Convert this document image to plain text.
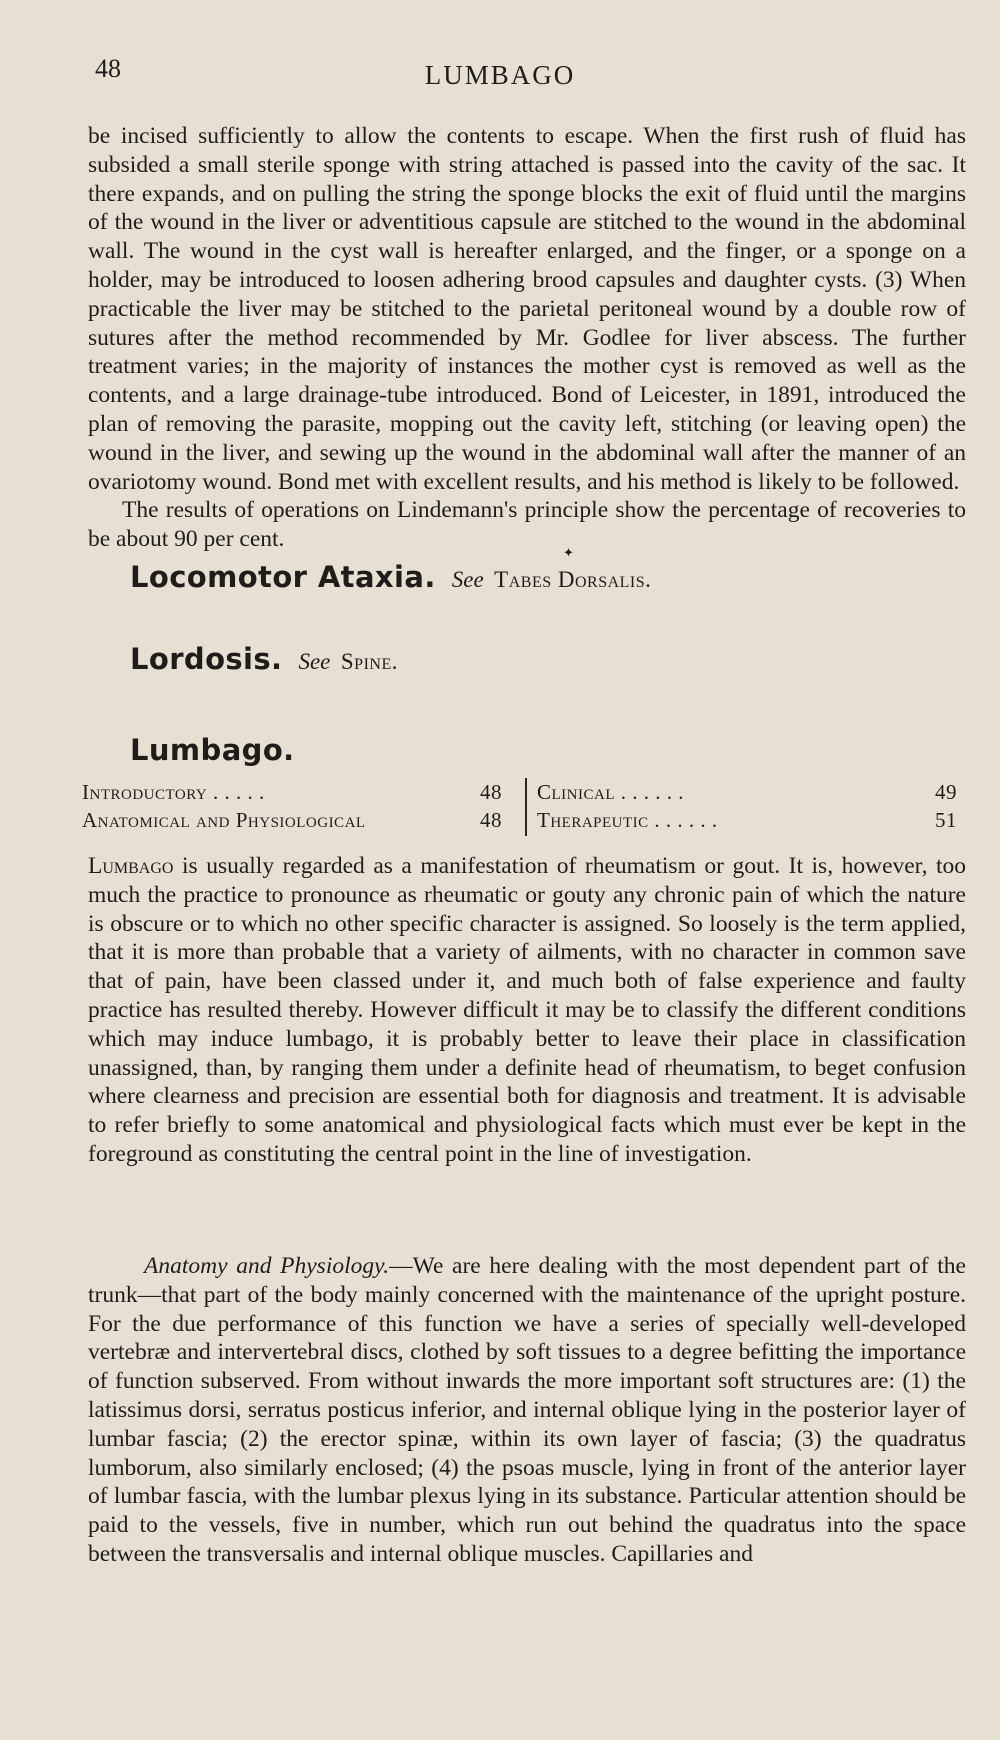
48	LUMBAGO

be incised sufficiently to allow the contents to escape. When the first rush of fluid has subsided a small sterile sponge with string attached is passed into the cavity of the sac. It there expands, and on pulling the string the sponge blocks the exit of fluid until the margins of the wound in the liver or adventitious capsule are stitched to the wound in the abdominal wall. The wound in the cyst wall is hereafter enlarged, and the finger, or a sponge on a holder, may be introduced to loosen adhering brood capsules and daughter cysts. (3) When practicable the liver may be stitched to the parietal peritoneal wound by a double row of sutures after the method recommended by Mr. Godlee for liver abscess. The further treatment varies; in the majority of instances the mother cyst is removed as well as the contents, and a large drainage-tube introduced. Bond of Leicester, in 1891, introduced the plan of removing the parasite, mopping out the cavity left, stitching (or leaving open) the wound in the liver, and sewing up the wound in the abdominal wall after the manner of an ovariotomy wound. Bond met with excellent results, and his method is likely to be followed.

The results of operations on Lindemann's principle show the percentage of recoveries to be about 90 per cent.

✦
Locomotor Ataxia. See Tabes Dorsalis.
Lordosis. See Spine.
Lumbago.
Introductory . . . . .	48
Anatomical and Physiological	48
Clinical . . . . . .	49
Therapeutic . . . . . .	51

Lumbago is usually regarded as a manifestation of rheumatism or gout. It is, however, too much the practice to pronounce as rheumatic or gouty any chronic pain of which the nature is obscure or to which no other specific character is assigned. So loosely is the term applied, that it is more than probable that a variety of ailments, with no character in common save that of pain, have been classed under it, and much both of false experience and faulty practice has resulted thereby. However difficult it may be to classify the different conditions which may induce lumbago, it is probably better to leave their place in classification unassigned, than, by ranging them under a definite head of rheumatism, to beget confusion where clearness and precision are essential both for diagnosis and treatment. It is advisable to refer briefly to some anatomical and physiological facts which must ever be kept in the foreground as constituting the central point in the line of investigation.

Anatomy and Physiology.—We are here dealing with the most dependent part of the trunk—that part of the body mainly concerned with the maintenance of the upright posture. For the due performance of this function we have a series of specially well-developed vertebræ and intervertebral discs, clothed by soft tissues to a degree befitting the importance of function subserved. From without inwards the more important soft structures are: (1) the latissimus dorsi, serratus posticus inferior, and internal oblique lying in the posterior layer of lumbar fascia; (2) the erector spinæ, within its own layer of fascia; (3) the quadratus lumborum, also similarly enclosed; (4) the psoas muscle, lying in front of the anterior layer of lumbar fascia, with the lumbar plexus lying in its substance. Particular attention should be paid to the vessels, five in number, which run out behind the quadratus into the space between the transversalis and internal oblique muscles. Capillaries and
